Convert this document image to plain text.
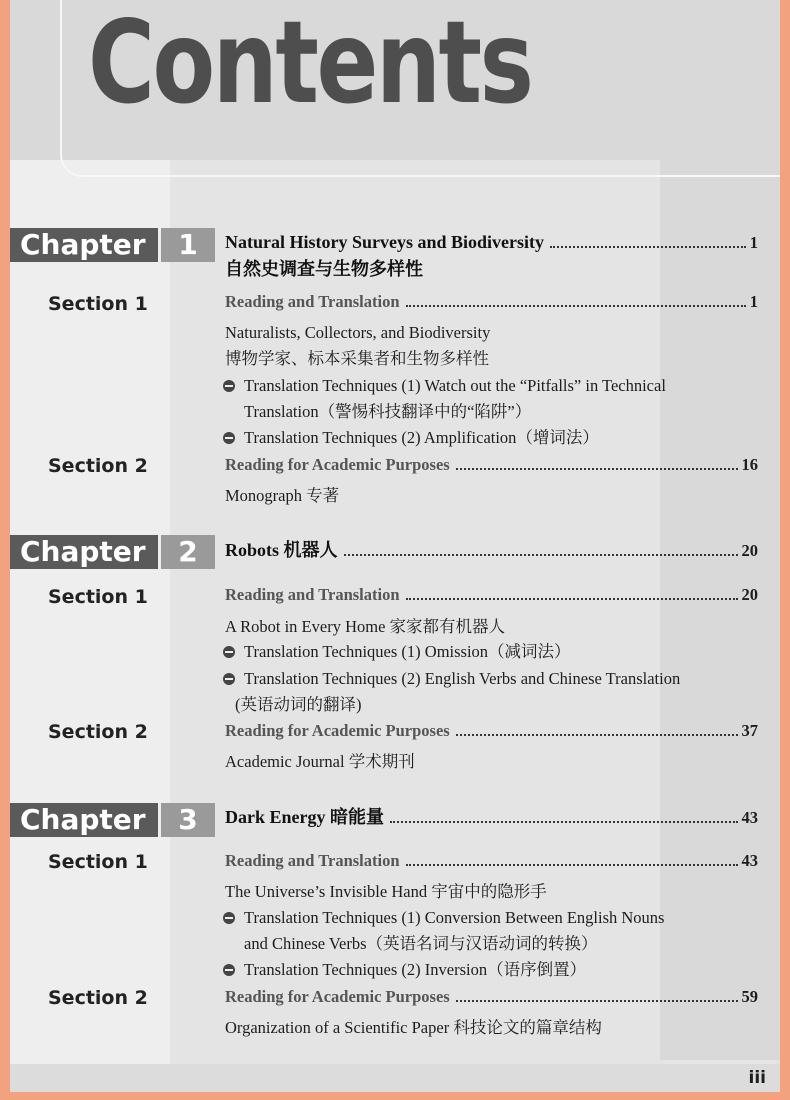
Contents
Chapter	1	Natural History Surveys and Biodiversity	1
自然史调查与生物多样性
Section 1	Reading and Translation	1
Naturalists, Collectors, and Biodiversity
博物学家、标本采集者和生物多样性
Translation Techniques (1) Watch out the “Pitfalls” in Technical
Translation（警惕科技翻译中的“陷阱”）
Translation Techniques (2) Amplification（增词法）
Section 2	Reading for Academic Purposes	16
Monograph 专著
Chapter	2	Robots 机器人	20
Section 1	Reading and Translation	20
A Robot in Every Home 家家都有机器人
Translation Techniques (1) Omission（减词法）
Translation Techniques (2) English Verbs and Chinese Translation
(英语动词的翻译)
Section 2	Reading for Academic Purposes	37
Academic Journal 学术期刊
Chapter	3	Dark Energy 暗能量	43
Section 1	Reading and Translation	43
The Universe’s Invisible Hand 宇宙中的隐形手
Translation Techniques (1) Conversion Between English Nouns
and Chinese Verbs（英语名词与汉语动词的转换）
Translation Techniques (2) Inversion（语序倒置）
Section 2	Reading for Academic Purposes	59
Organization of a Scientific Paper 科技论文的篇章结构
iii
